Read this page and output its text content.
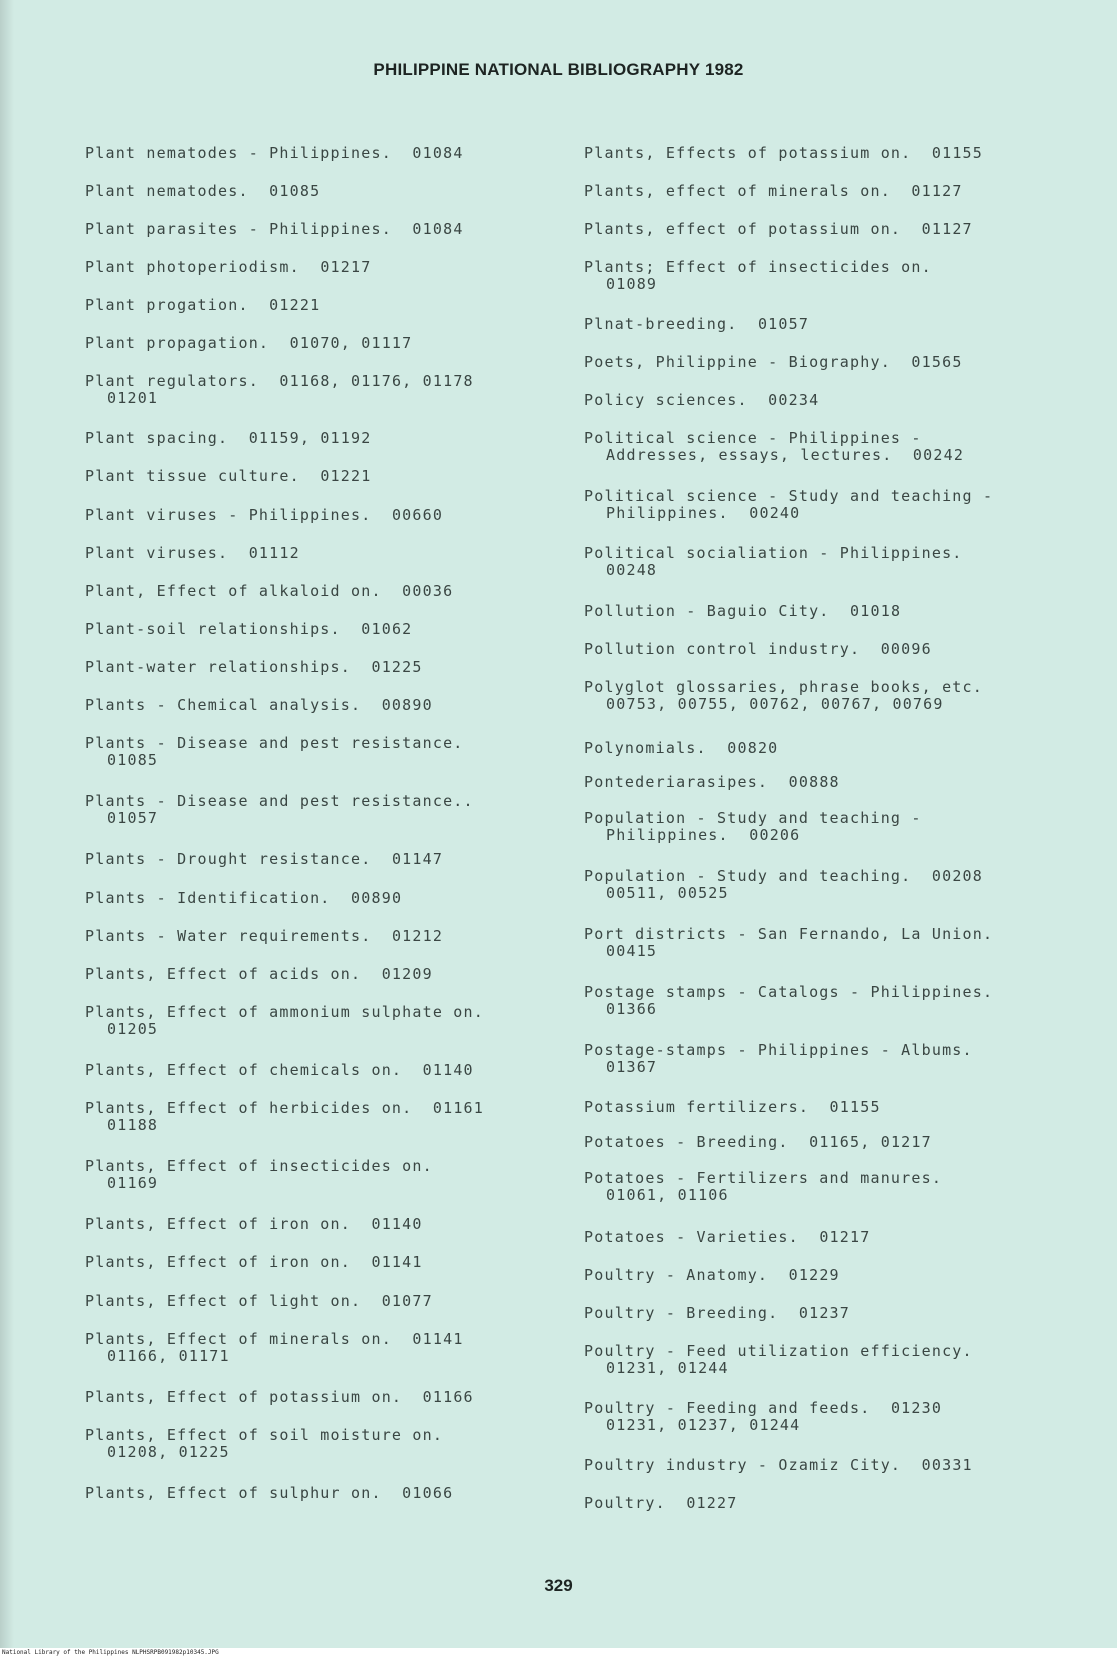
PHILIPPINE NATIONAL BIBLIOGRAPHY 1982
Plant nematodes - Philippines. 01084
Plant nematodes. 01085
Plant parasites - Philippines. 01084
Plant photoperiodism. 01217
Plant progation. 01221
Plant propagation. 01070, 01117
Plant regulators. 01168, 01176, 01178
01201
Plant spacing. 01159, 01192
Plant tissue culture. 01221
Plant viruses - Philippines. 00660
Plant viruses. 01112
Plant, Effect of alkaloid on. 00036
Plant-soil relationships. 01062
Plant-water relationships. 01225
Plants - Chemical analysis. 00890
Plants - Disease and pest resistance.
01085
Plants - Disease and pest resistance..
01057
Plants - Drought resistance. 01147
Plants - Identification. 00890
Plants - Water requirements. 01212
Plants, Effect of acids on. 01209
Plants, Effect of ammonium sulphate on.
01205
Plants, Effect of chemicals on. 01140
Plants, Effect of herbicides on. 01161
01188
Plants, Effect of insecticides on.
01169
Plants, Effect of iron on. 01140
Plants, Effect of iron on. 01141
Plants, Effect of light on. 01077
Plants, Effect of minerals on. 01141
01166, 01171
Plants, Effect of potassium on. 01166
Plants, Effect of soil moisture on.
01208, 01225
Plants, Effect of sulphur on. 01066
Plants, Effects of potassium on. 01155
Plants, effect of minerals on. 01127
Plants, effect of potassium on. 01127
Plants; Effect of insecticides on.
01089
Plnat-breeding. 01057
Poets, Philippine - Biography. 01565
Policy sciences. 00234
Political science - Philippines -
Addresses, essays, lectures.  00242
Political science - Study and teaching -
Philippines.  00240
Political socialiation - Philippines.
00248
Pollution - Baguio City. 01018
Pollution control industry. 00096
Polyglot glossaries, phrase books, etc.
00753, 00755, 00762, 00767, 00769
Polynomials. 00820
Pontederiarasipes. 00888
Population - Study and teaching -
Philippines.  00206
Population - Study and teaching. 00208
00511, 00525
Port districts - San Fernando, La Union.
00415
Postage stamps - Catalogs - Philippines.
01366
Postage-stamps - Philippines - Albums.
01367
Potassium fertilizers. 01155
Potatoes - Breeding. 01165, 01217
Potatoes - Fertilizers and manures.
01061, 01106
Potatoes - Varieties. 01217
Poultry - Anatomy. 01229
Poultry - Breeding. 01237
Poultry - Feed utilization efficiency.
01231, 01244
Poultry - Feeding and feeds. 01230
01231, 01237, 01244
Poultry industry - Ozamiz City. 00331
Poultry. 01227
329
National Library of the Philippines NLPHSRPB091982p10345.JPG
